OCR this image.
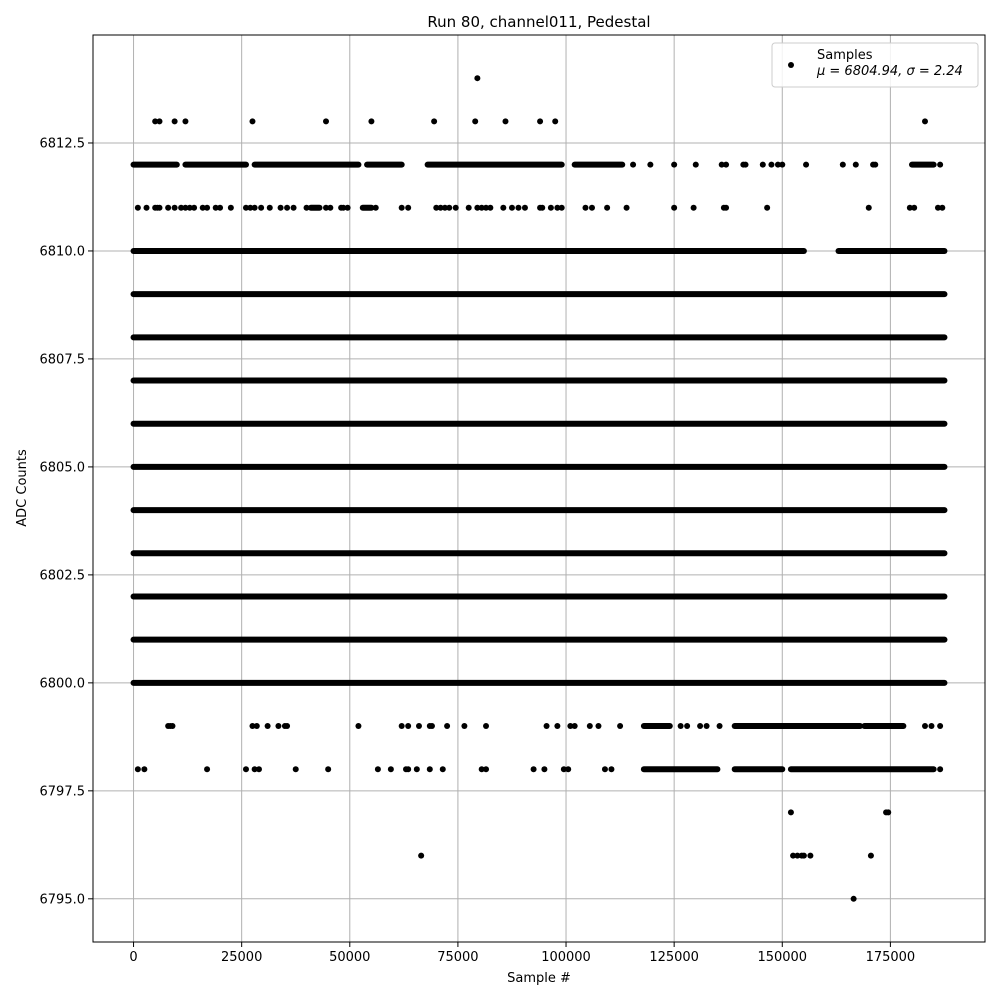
0	25000	50000	75000	100000	125000	150000	175000
6795.0
6797.5
6800.0
6802.5
6805.0
6807.5
6810.0
6812.5
Run 80, channel011, Pedestal
Sample #
ADC Counts
Samples
μ = 6804.94, σ = 2.24
